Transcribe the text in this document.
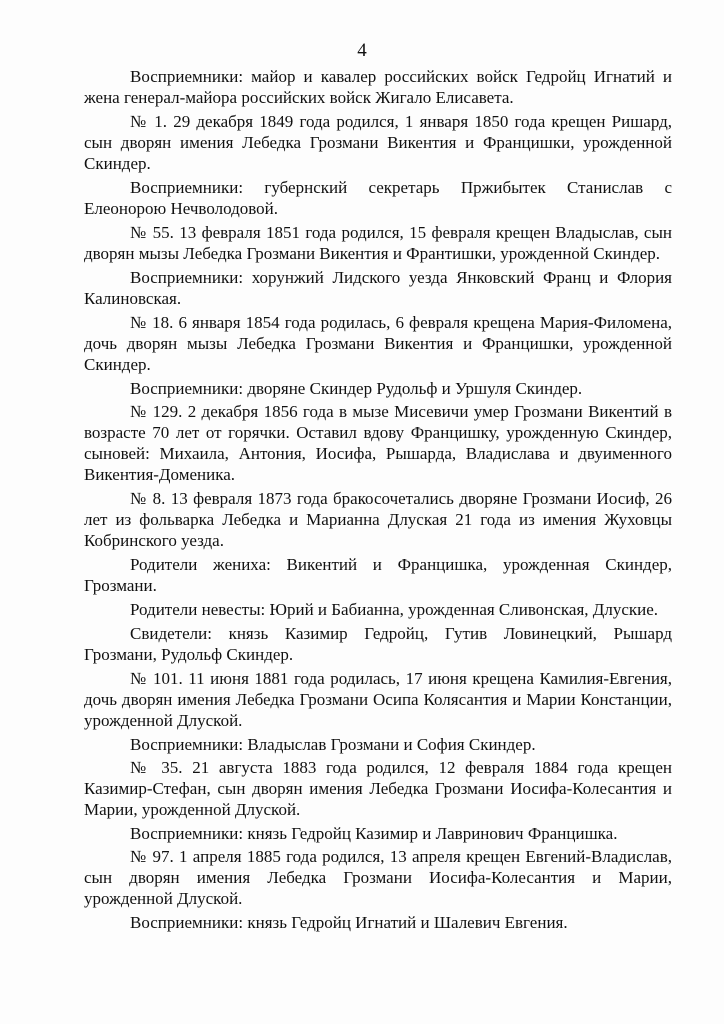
4

Восприемники: майор и кавалер российских войск Гедройц Игнатий и жена генерал-майора российских войск Жигало Елисавета.

№ 1. 29 декабря 1849 года родился, 1 января 1850 года крещен Ришард, сын дворян имения Лебедка Грозмани Викентия и Францишки, урожденной Скиндер.

Восприемники: губернский секретарь Пржибытек Станислав с Елеонорою Нечволодовой.

№ 55. 13 февраля 1851 года родился, 15 февраля крещен Владыслав, сын дворян мызы Лебедка Грозмани Викентия и Франтишки, урожденной Скиндер.

Восприемники: хорунжий Лидского уезда Янковский Франц и Флория Калиновская.

№ 18. 6 января 1854 года родилась, 6 февраля крещена Мария-Филомена, дочь дворян мызы Лебедка Грозмани Викентия и Францишки, урожденной Скиндер.

Восприемники: дворяне Скиндер Рудольф и Уршуля Скиндер.

№ 129. 2 декабря 1856 года в мызе Мисевичи умер Грозмани Викентий в возрасте 70 лет от горячки. Оставил вдову Францишку, урожденную Скиндер, сыновей: Михаила, Антония, Иосифа, Рышарда, Владислава и двуименного Викентия-Доменика.

№ 8. 13 февраля 1873 года бракосочетались дворяне Грозмани Иосиф, 26 лет из фольварка Лебедка и Марианна Длуская 21 года из имения Жуховцы Кобринского уезда.

Родители жениха: Викентий и Францишка, урожденная Скиндер, Грозмани.

Родители невесты: Юрий и Бабианна, урожденная Сливонская, Длуские.

Свидетели: князь Казимир Гедройц, Гутив Ловинецкий, Рышард Грозмани, Рудольф Скиндер.

№ 101. 11 июня 1881 года родилась, 17 июня крещена Камилия-Евгения, дочь дворян имения Лебедка Грозмани Осипа Колясантия и Марии Констанции, урожденной Длуской.

Восприемники: Владыслав Грозмани и София Скиндер.

№ 35. 21 августа 1883 года родился, 12 февраля 1884 года крещен Казимир-Стефан, сын дворян имения Лебедка Грозмани Иосифа-Колесантия и Марии, урожденной Длуской.

Восприемники: князь Гедройц Казимир и Лавринович Францишка.

№ 97. 1 апреля 1885 года родился, 13 апреля крещен Евгений-Владислав, сын дворян имения Лебедка Грозмани Иосифа-Колесантия и Марии, урожденной Длуской.

Восприемники: князь Гедройц Игнатий и Шалевич Евгения.
